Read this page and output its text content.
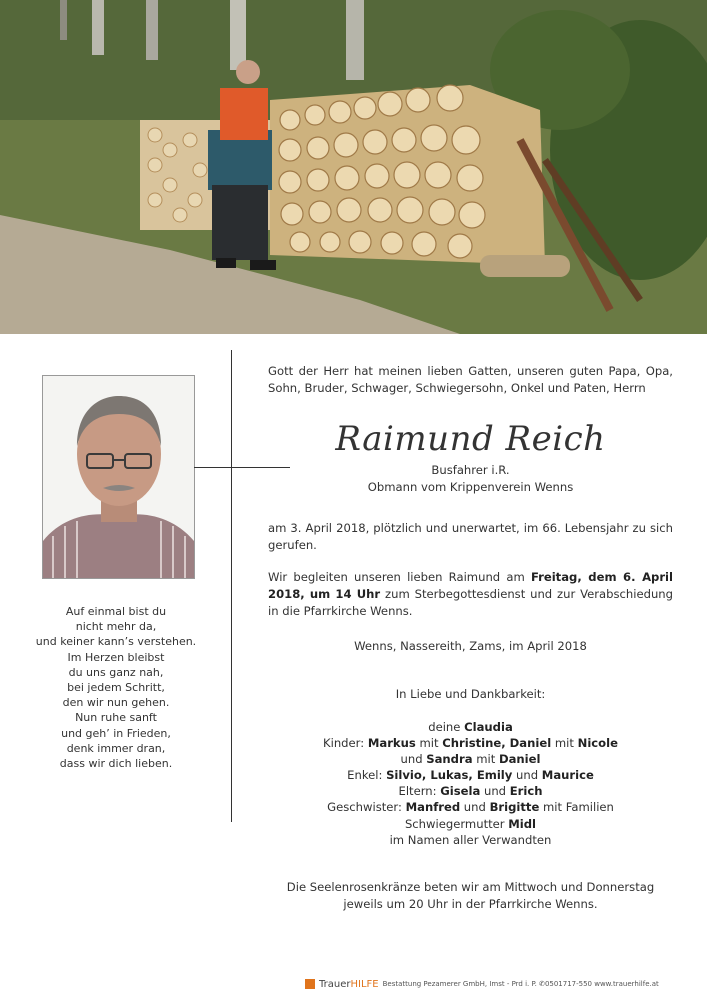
Auf einmal bist du
nicht mehr da,
und keiner kann’s verstehen.
Im Herzen bleibst
du uns ganz nah,
bei jedem Schritt,
den wir nun gehen.
Nun ruhe sanft
und geh’ in Frieden,
denk immer dran,
dass wir dich lieben.
Gott der Herr hat meinen lieben Gatten, unseren guten Papa, Opa, Sohn, Bruder, Schwager, Schwiegersohn, Onkel und Paten, Herrn
Raimund Reich
Busfahrer i.R.
Obmann vom Krippenverein Wenns
am 3. April 2018, plötzlich und unerwartet, im 66. Lebensjahr zu sich gerufen.
Wir begleiten unseren lieben Raimund am Freitag, dem 6. April 2018, um 14 Uhr zum Sterbegottesdienst und zur Verabschiedung in die Pfarrkirche Wenns.
Wenns, Nassereith, Zams, im April 2018
In Liebe und Dankbarkeit:
deine Claudia
Kinder: Markus mit Christine, Daniel mit Nicole
und Sandra mit Daniel
Enkel: Silvio, Lukas, Emily und Maurice
Eltern: Gisela und Erich
Geschwister: Manfred und Brigitte mit Familien
Schwiegermutter Midl
im Namen aller Verwandten
Die Seelenrosenkränze beten wir am Mittwoch und Donnerstag jeweils um 20 Uhr in der Pfarrkirche Wenns.
TrauerHILFE Bestattung Pezamerer GmbH, Imst - Prd i. P. ✆0501717-550 www.trauerhilfe.at
